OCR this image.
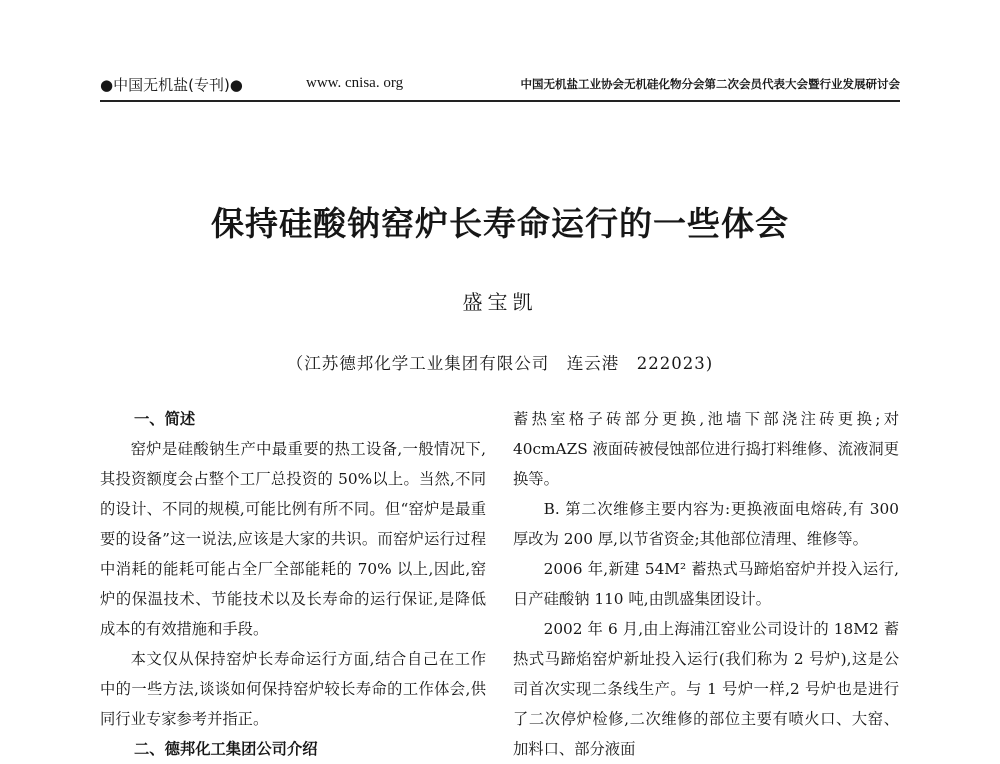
●中国无机盐(专刊)●	www. cnisa. org	中国无机盐工业协会无机硅化物分会第二次会员代表大会暨行业发展研讨会
保持硅酸钠窑炉长寿命运行的一些体会
盛宝凯
（江苏德邦化学工业集团有限公司　连云港　222023)
一、简述

窑炉是硅酸钠生产中最重要的热工设备,一般情况下,其投资额度会占整个工厂总投资的 50%以上。当然,不同的设计、不同的规模,可能比例有所不同。但“窑炉是最重要的设备”这一说法,应该是大家的共识。而窑炉运行过程中消耗的能耗可能占全厂全部能耗的 70% 以上,因此,窑炉的保温技术、节能技术以及长寿命的运行保证,是降低成本的有效措施和手段。

本文仅从保持窑炉长寿命运行方面,结合自己在工作中的一些方法,谈谈如何保持窑炉较长寿命的工作体会,供同行业专家参考并指正。

二、德邦化工集团公司介绍

蓄热室格子砖部分更换,池墙下部浇注砖更换;对 40cmAZS 液面砖被侵蚀部位进行捣打料维修、流液洞更换等。

B. 第二次维修主要内容为:更换液面电熔砖,有 300 厚改为 200 厚,以节省资金;其他部位清理、维修等。

2006 年,新建 54M² 蓄热式马蹄焰窑炉并投入运行,日产硅酸钠 110 吨,由凯盛集团设计。

2002 年 6 月,由上海浦江窑业公司设计的 18M2 蓄热式马蹄焰窑炉新址投入运行(我们称为 2 号炉),这是公司首次实现二条线生产。与 1 号炉一样,2 号炉也是进行了二次停炉检修,二次维修的部位主要有喷火口、大窑、加料口、部分液面
